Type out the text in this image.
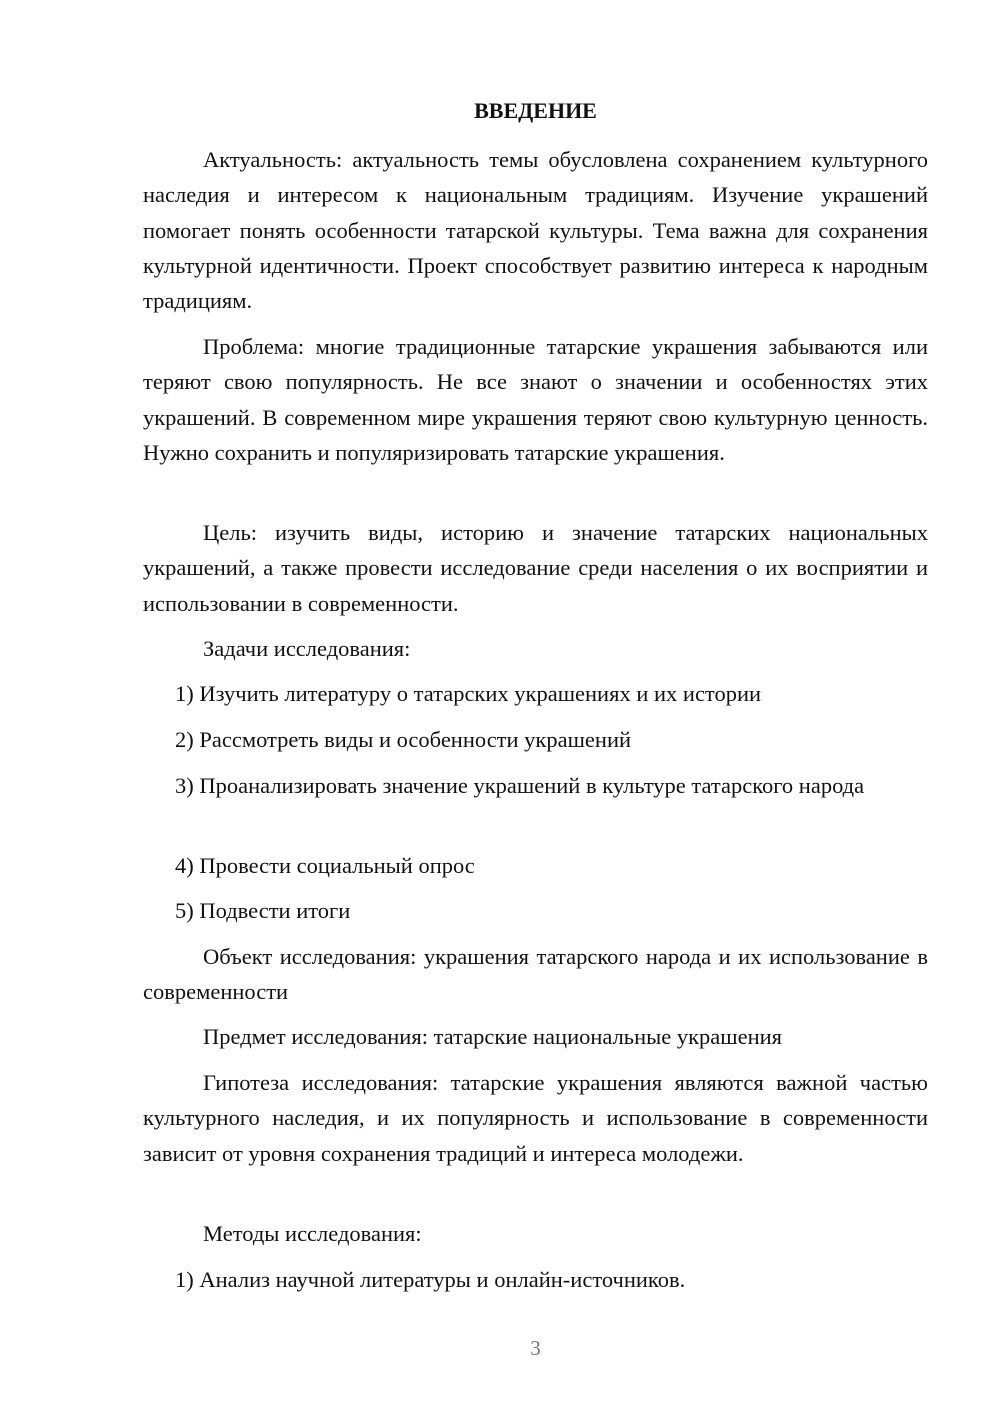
ВВЕДЕНИЕ

Актуальность: актуальность темы обусловлена сохранением культурного наследия и интересом к национальным традициям. Изучение украшений помогает понять особенности татарской культуры. Тема важна для сохранения культурной идентичности. Проект способствует развитию интереса к народным традициям.

Проблема: многие традиционные татарские украшения забываются или теряют свою популярность. Не все знают о значении и особенностях этих украшений. В современном мире украшения теряют свою культурную ценность. Нужно сохранить и популяризировать татарские украшения.

Цель: изучить виды, историю и значение татарских национальных украшений, а также провести исследование среди населения о их восприятии и использовании в современности.

Задачи исследования:

1) Изучить литературу о татарских украшениях и их истории

2) Рассмотреть виды и особенности украшений

3) Проанализировать значение украшений в культуре татарского народа

4) Провести социальный опрос

5) Подвести итоги

Объект исследования: украшения татарского народа и их использование в современности

Предмет исследования: татарские национальные украшения

Гипотеза исследования: татарские украшения являются важной частью культурного наследия, и их популярность и использование в современности зависит от уровня сохранения традиций и интереса молодежи.

Методы исследования:

1) Анализ научной литературы и онлайн-источников.

3
